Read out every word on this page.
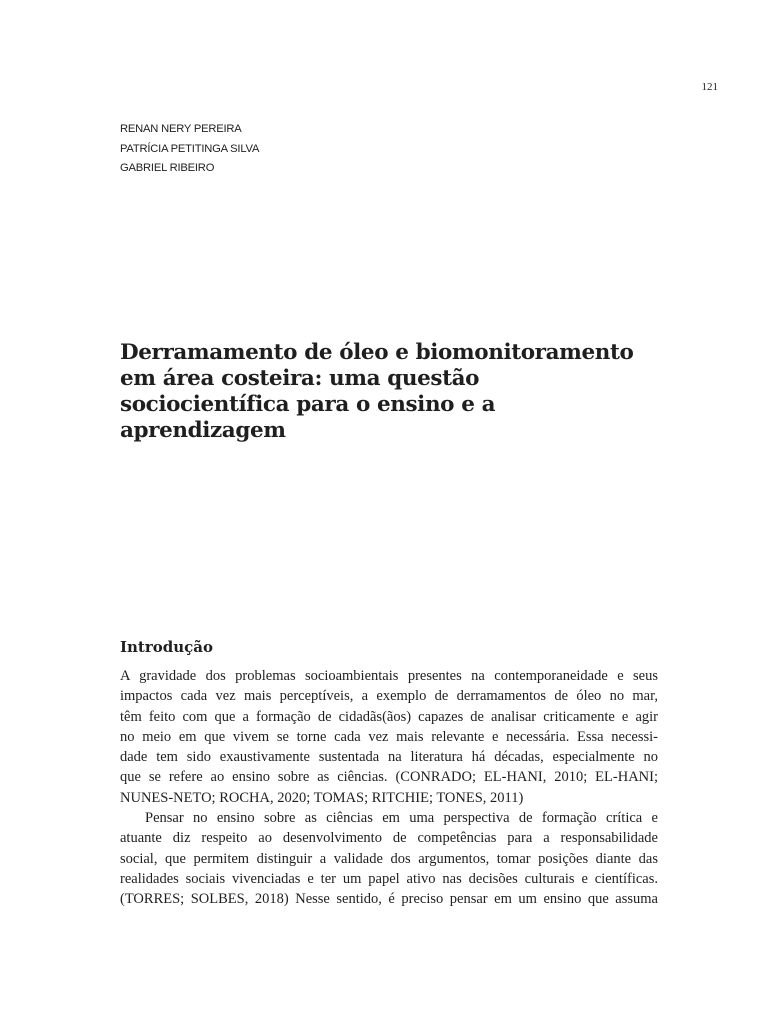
121
RENAN NERY PEREIRA
PATRÍCIA PETITINGA SILVA
GABRIEL RIBEIRO
Derramamento de óleo e biomonitoramento
em área costeira: uma questão
sociocientífica para o ensino e a
aprendizagem
Introdução
A gravidade dos problemas socioambientais presentes na contemporaneidade e seus
impactos cada vez mais perceptíveis, a exemplo de derramamentos de óleo no mar,
têm feito com que a formação de cidadãs(ãos) capazes de analisar criticamente e agir
no meio em que vivem se torne cada vez mais relevante e necessária. Essa necessi-
dade tem sido exaustivamente sustentada na literatura há décadas, especialmente no
que se refere ao ensino sobre as ciências. (CONRADO; EL-HANI, 2010; EL-HANI;
NUNES-NETO; ROCHA, 2020; TOMAS; RITCHIE; TONES, 2011)
Pensar no ensino sobre as ciências em uma perspectiva de formação crítica e
atuante diz respeito ao desenvolvimento de competências para a responsabilidade
social, que permitem distinguir a validade dos argumentos, tomar posições diante das
realidades sociais vivenciadas e ter um papel ativo nas decisões culturais e científicas.
(TORRES; SOLBES, 2018) Nesse sentido, é preciso pensar em um ensino que assuma
